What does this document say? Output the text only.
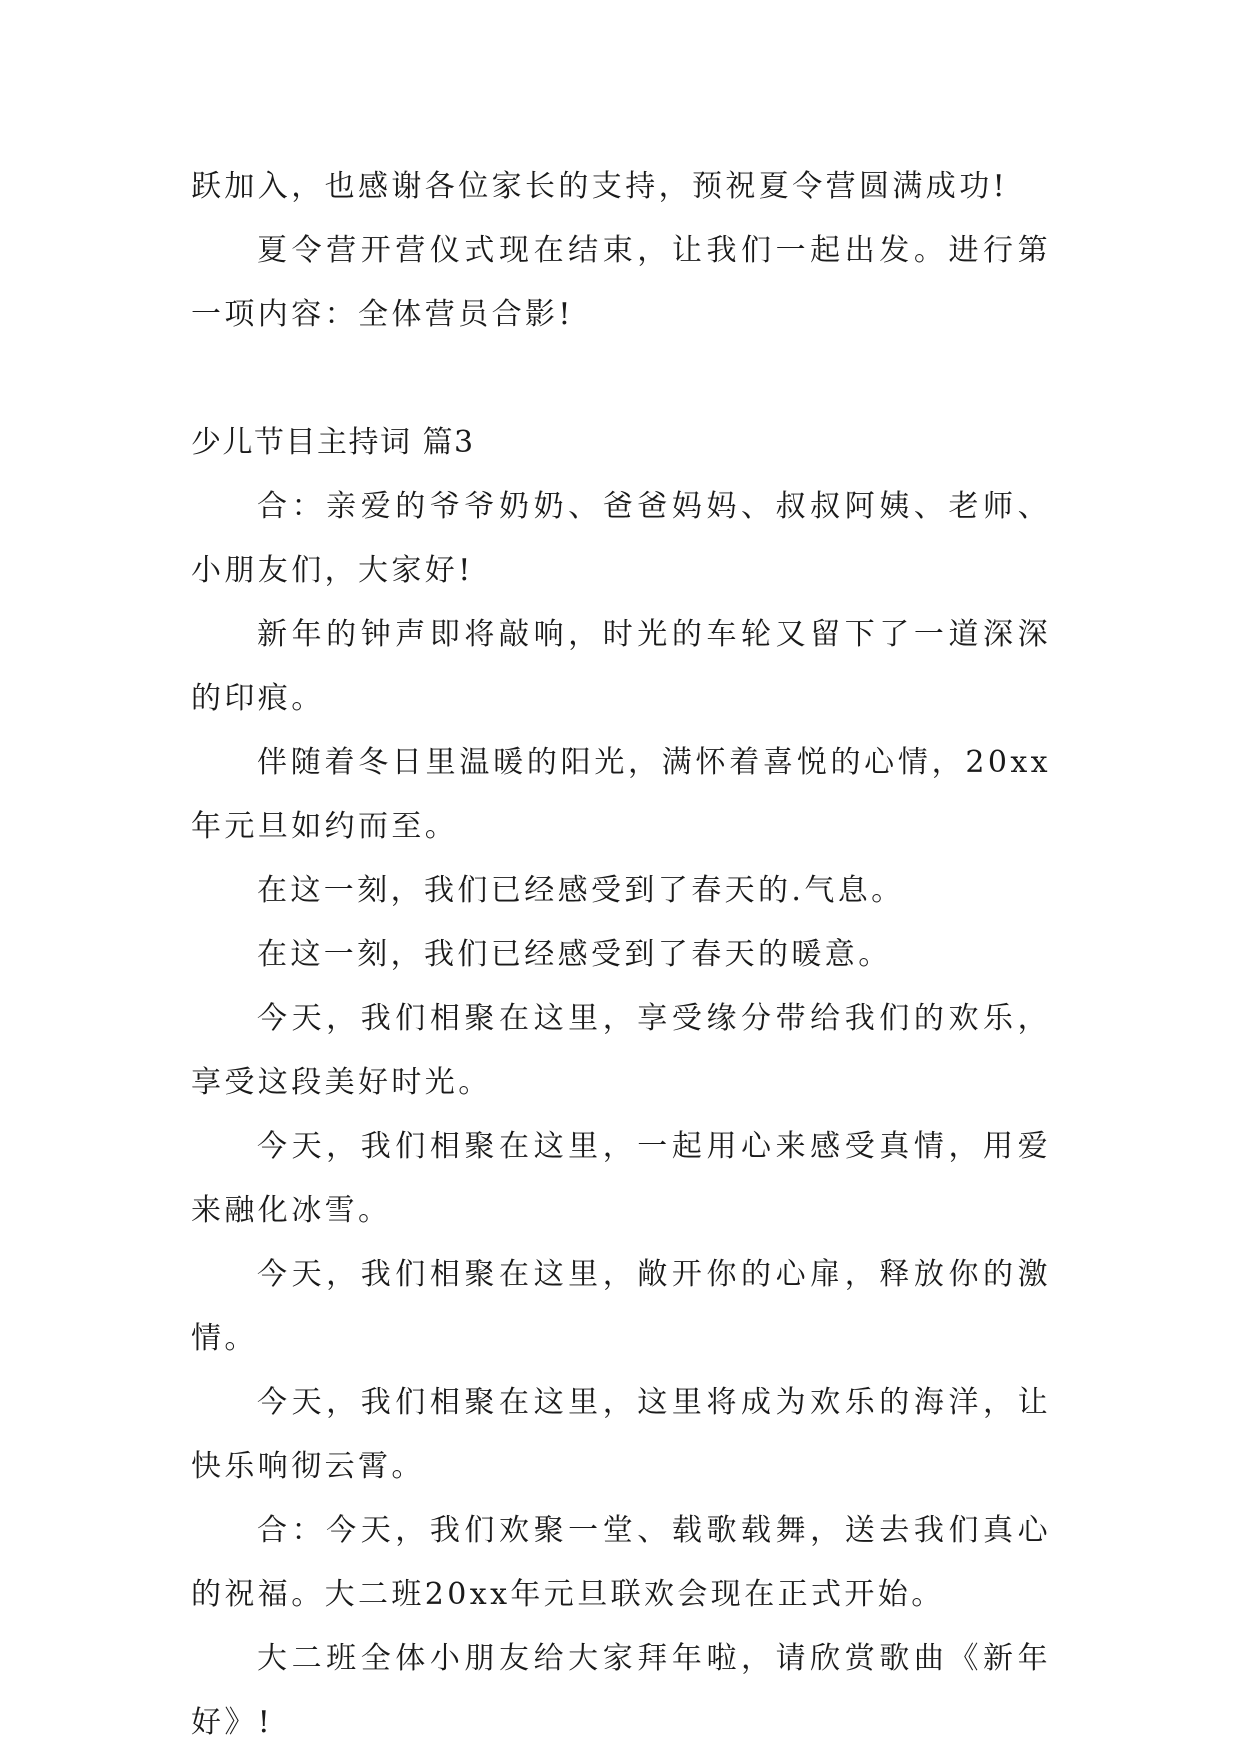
跃加入，也感谢各位家长的支持，预祝夏令营圆满成功!

夏令营开营仪式现在结束，让我们一起出发。进行第一项内容：全体营员合影!

少儿节目主持词 篇3

合：亲爱的爷爷奶奶、爸爸妈妈、叔叔阿姨、老师、小朋友们，大家好!

新年的钟声即将敲响，时光的车轮又留下了一道深深的印痕。

伴随着冬日里温暖的阳光，满怀着喜悦的心情，20xx年元旦如约而至。

在这一刻，我们已经感受到了春天的.气息。

在这一刻，我们已经感受到了春天的暖意。

今天，我们相聚在这里，享受缘分带给我们的欢乐，享受这段美好时光。

今天，我们相聚在这里，一起用心来感受真情，用爱来融化冰雪。

今天，我们相聚在这里，敞开你的心扉，释放你的激情。

今天，我们相聚在这里，这里将成为欢乐的海洋，让快乐响彻云霄。

合：今天，我们欢聚一堂、载歌载舞，送去我们真心的祝福。大二班20xx年元旦联欢会现在正式开始。

大二班全体小朋友给大家拜年啦，请欣赏歌曲《新年好》!
